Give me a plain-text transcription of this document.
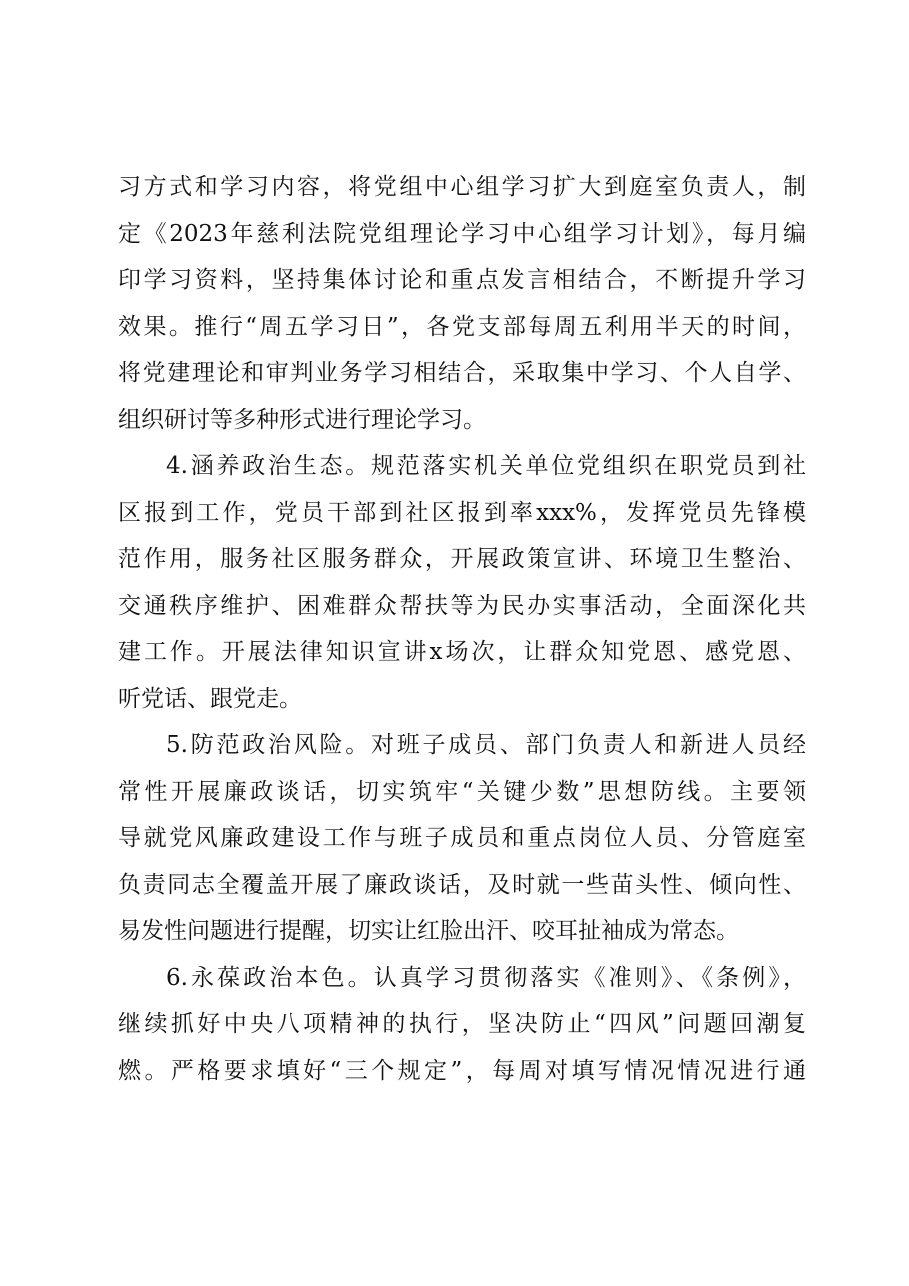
习方式和学习内容，将党组中心组学习扩大到庭室负责人，制
定《2023年慈利法院党组理论学习中心组学习计划》，每月编
印学习资料，坚持集体讨论和重点发言相结合，不断提升学习
效果。推行“周五学习日”，各党支部每周五利用半天的时间，
将党建理论和审判业务学习相结合，采取集中学习、个人自学、
组织研讨等多种形式进行理论学习。
4.涵养政治生态。规范落实机关单位党组织在职党员到社
区报到工作，党员干部到社区报到率xxx%，发挥党员先锋模
范作用，服务社区服务群众，开展政策宣讲、环境卫生整治、
交通秩序维护、困难群众帮扶等为民办实事活动，全面深化共
建工作。开展法律知识宣讲x场次，让群众知党恩、感党恩、
听党话、跟党走。
5.防范政治风险。对班子成员、部门负责人和新进人员经
常性开展廉政谈话，切实筑牢“关键少数”思想防线。主要领
导就党风廉政建设工作与班子成员和重点岗位人员、分管庭室
负责同志全覆盖开展了廉政谈话，及时就一些苗头性、倾向性、
易发性问题进行提醒，切实让红脸出汗、咬耳扯袖成为常态。
6.永葆政治本色。认真学习贯彻落实《准则》、《条例》，
继续抓好中央八项精神的执行，坚决防止“四风”问题回潮复
燃。严格要求填好“三个规定”，每周对填写情况情况进行通
